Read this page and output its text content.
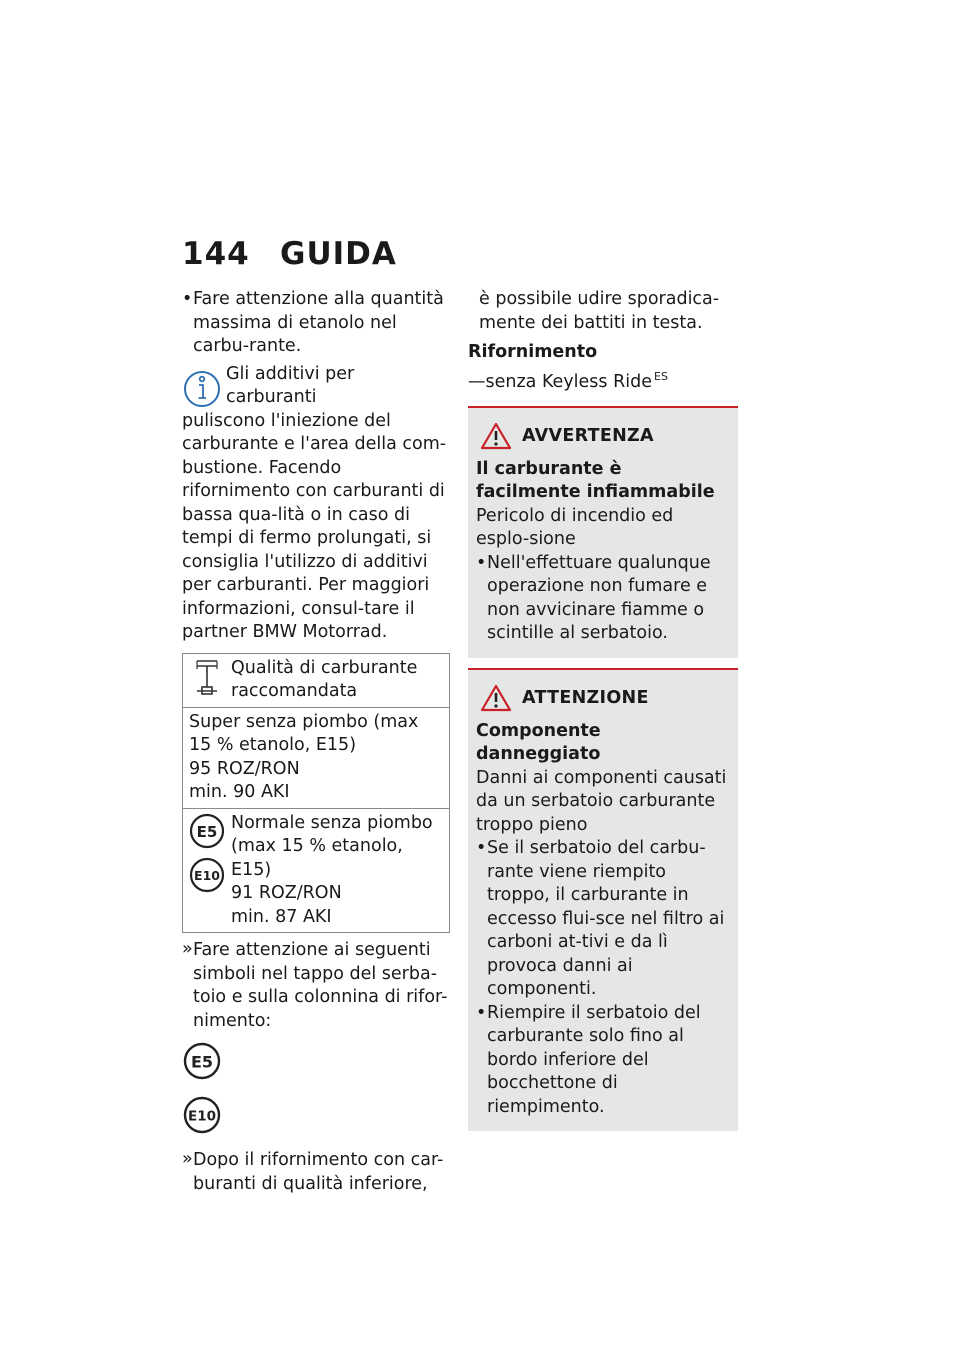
144 GUIDA

• Fare attenzione alla quantità massima di etanolo nel carbu-rante.

Gli additivi per carburanti

puliscono l'iniezione del

carburante e l'area della com-bustione. Facendo rifornimento con carburanti di bassa qua-lità o in caso di tempi di fermo prolungati, si consiglia l'utilizzo di additivi per carburanti. Per maggiori informazioni, consul-tare il partner BMW Motorrad.

Qualità di carburante raccomandata

Super senza piombo (max
15 % etanolo, E15)
95 ROZ/RON
min. 90 AKI

E5
E10
Normale senza piombo
(max 15 % etanolo,
E15)
91 ROZ/RON
min. 87 AKI

» Fare attenzione ai seguenti simboli nel tappo del serba-toio e sulla colonnina di rifor-nimento:

E5
E10

» Dopo il rifornimento con car-buranti di qualità inferiore,

è possibile udire sporadica-mente dei battiti in testa.

Rifornimento

—senza Keyless Ride $^{ES}$

AVVERTENZA
Il carburante è facilmente infiammabile

Pericolo di incendio ed esplo-sione

• Nell'effettuare qualunque operazione non fumare e non avvicinare fiamme o scintille al serbatoio.

ATTENZIONE
Componente danneggiato

Danni ai componenti causati da un serbatoio carburante troppo pieno

• Se il serbatoio del carbu-rante viene riempito troppo, il carburante in eccesso flui-sce nel filtro ai carboni at-tivi e da lì provoca danni ai componenti.

• Riempire il serbatoio del carburante solo fino al bordo inferiore del bocchettone di riempimento.
